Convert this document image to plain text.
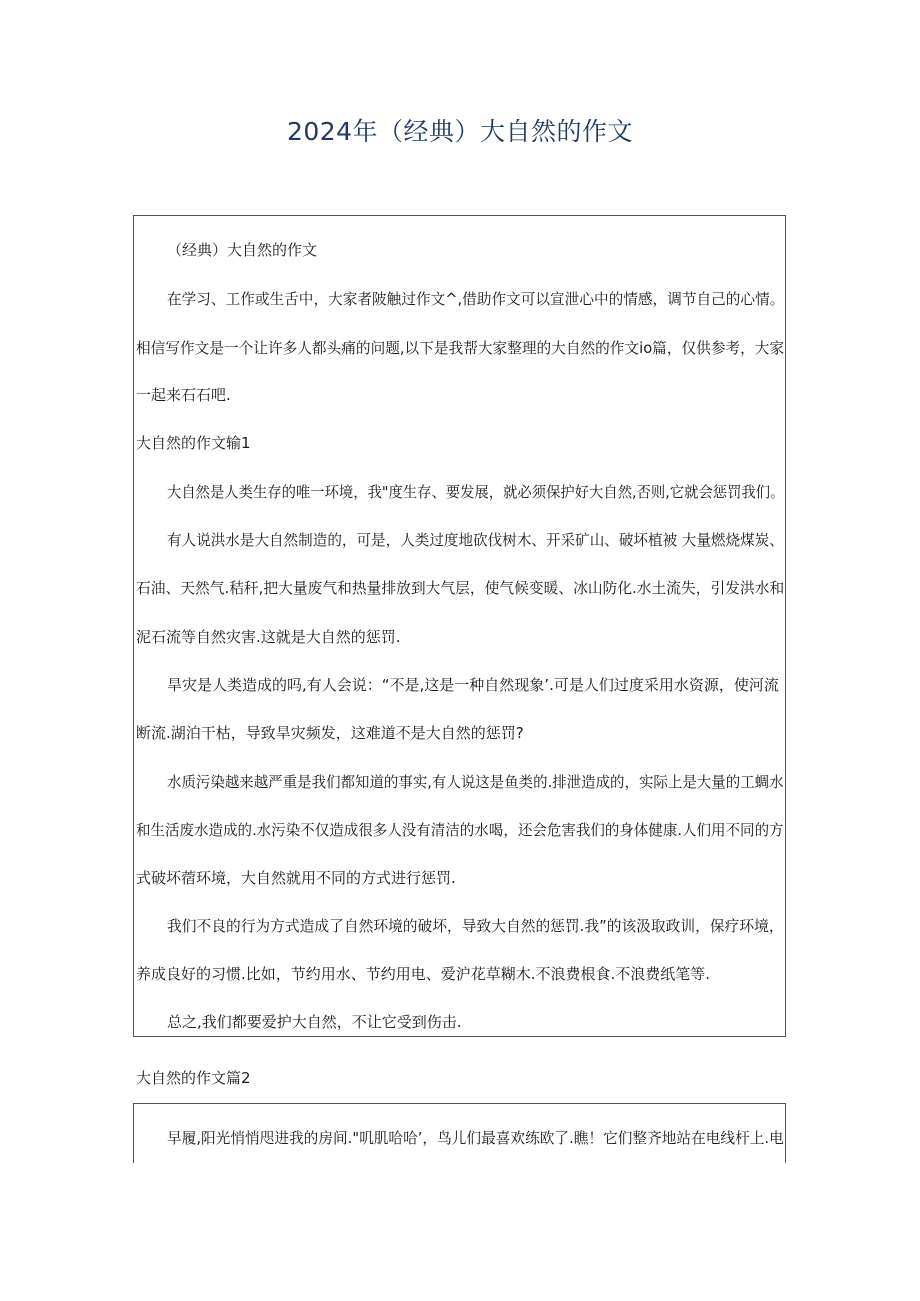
2024年（经典）大自然的作文
（经典）大自然的作文
在学习、工作或生舌中，大家者陂触过作文^,借助作文可以宣泄心中的情感，调节自己的心情。
相信写作文是一个让许多人都头痛的问题,以下是我帮大家整理的大自然的作文io篇，仅供参考，大家
一起来石石吧.
大自然的作文输1
大自然是人类生存的唯一环境，我"度生存、要发展，就必须保护好大自然,否则,它就会惩罚我们。
有人说洪水是大自然制造的，可是，人类过度地砍伐树木、开采矿山、破坏植被 大量燃烧煤炭、
石油、天然气.秸秆,把大量废气和热量排放到大气层，使气候变暖、冰山防化.水土流失，引发洪水和
泥石流等自然灾害.这就是大自然的惩罚.
旱灾是人类造成的吗,有人会说：“不是,这是一种自然现象’.可是人们过度采用水资源，使河流
断流.湖泊干枯，导致旱灾频发，这难道不是大自然的惩罚?
水质污染越来越严重是我们都知道的事实,有人说这是鱼类的.排泄造成的，实际上是大量的工蜩水
和生活废水造成的.水污染不仅造成很多人没有清洁的水喝，还会危害我们的身体健康.人们用不同的方
式破坏蓿环境，大自然就用不同的方式进行惩罚.
我们不良的行为方式造成了自然环境的破坏，导致大自然的惩罚.我”的该汲取政训，保疗环境，
养成良好的习惯.比如，节约用水、节约用电、爱沪花草糊木.不浪费根食.不浪费纸笔等.
总之,我们都要爱护大自然，不让它受到伤击.
大自然的作文篇2
早履,阳光悄悄咫进我的房间."叽肌哈哈’，鸟儿们最喜欢练欧了.瞧！它们整齐地站在电线杆上.电
